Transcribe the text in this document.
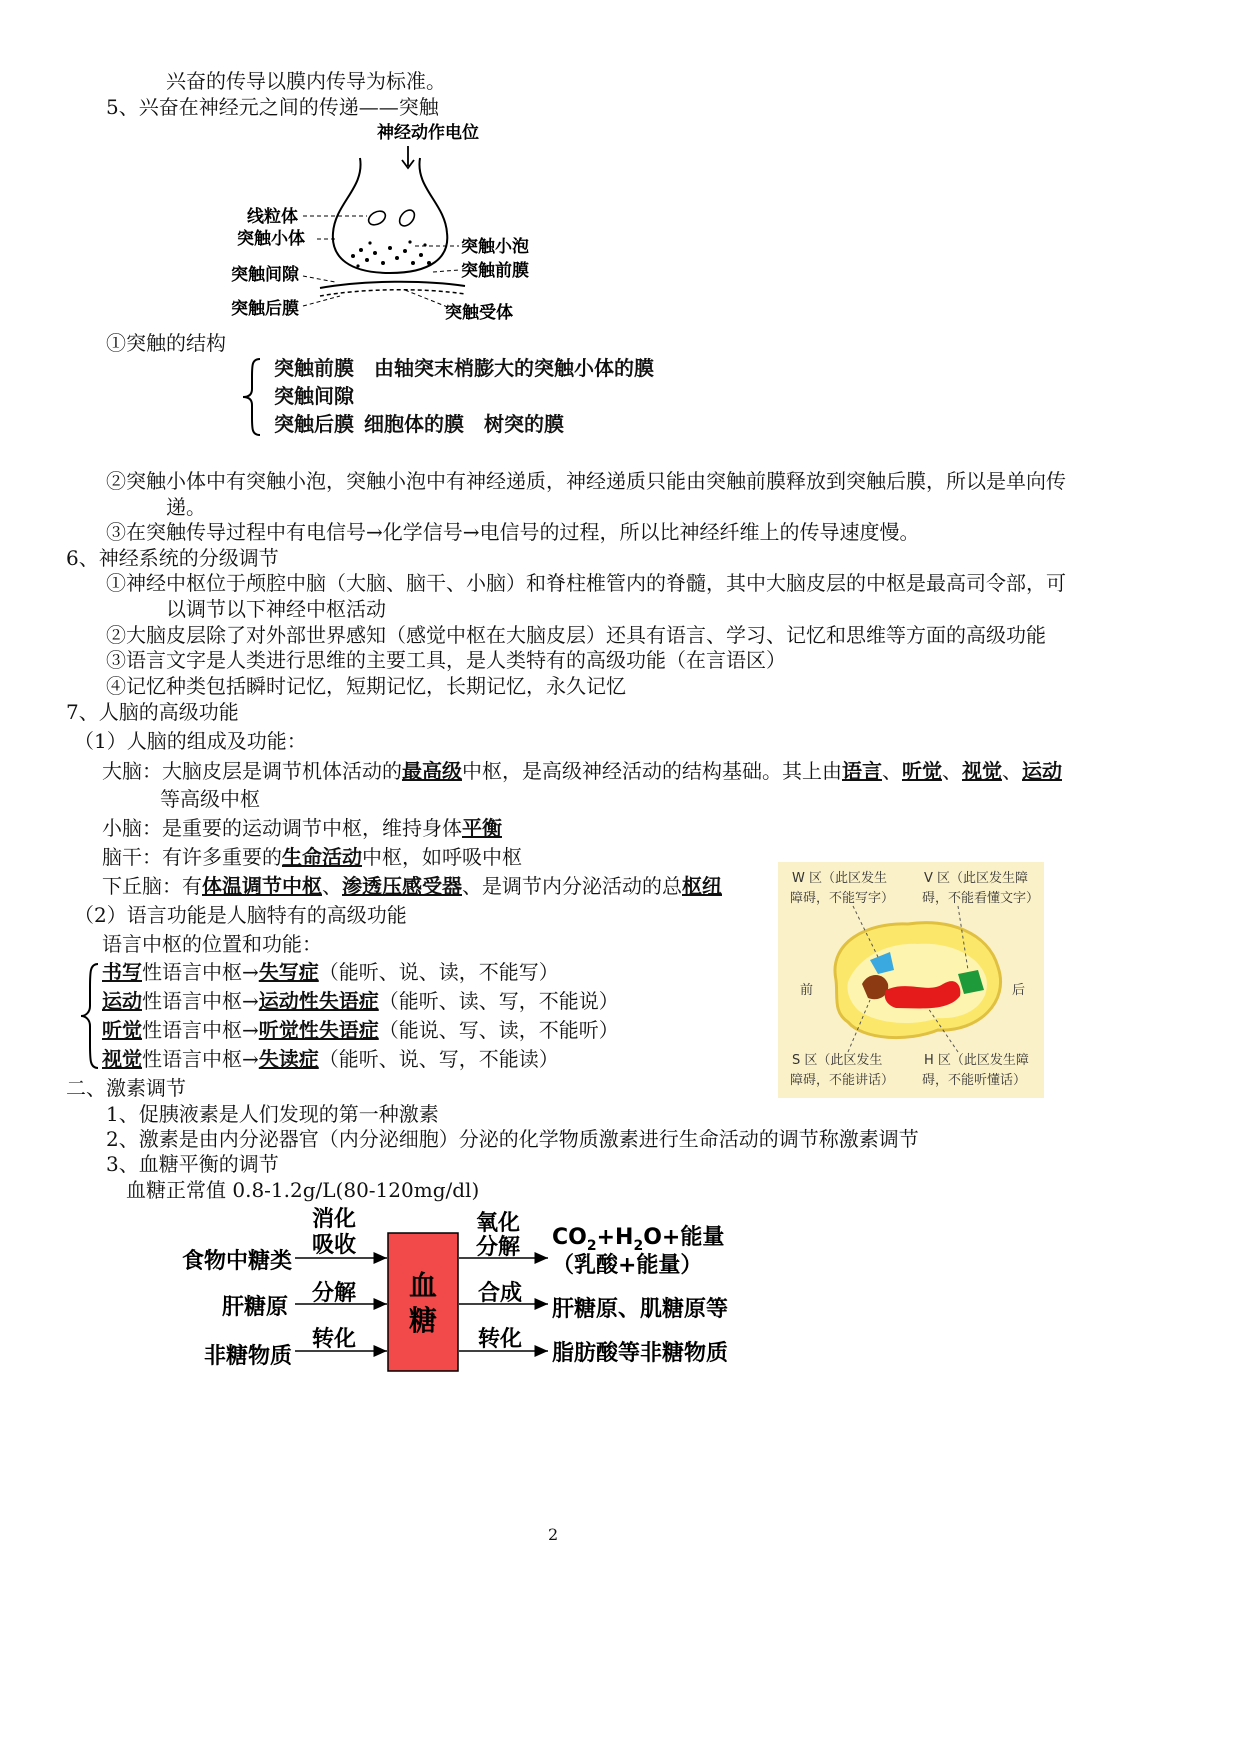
兴奋的传导以膜内传导为标准。
5、兴奋在神经元之间的传递——突触
神经动作电位
线粒体
突触小体
突触间隙
突触后膜
突触小泡
突触前膜
突触受体
①突触的结构
突触前膜 由轴突末梢膨大的突触小体的膜
突触间隙
突触后膜 细胞体的膜 树突的膜
②突触小体中有突触小泡，突触小泡中有神经递质，神经递质只能由突触前膜释放到突触后膜，所以是单向传
递。
③在突触传导过程中有电信号→化学信号→电信号的过程，所以比神经纤维上的传导速度慢。
6、神经系统的分级调节
①神经中枢位于颅腔中脑（大脑、脑干、小脑）和脊柱椎管内的脊髓，其中大脑皮层的中枢是最高司令部，可
以调节以下神经中枢活动
②大脑皮层除了对外部世界感知（感觉中枢在大脑皮层）还具有语言、学习、记忆和思维等方面的高级功能
③语言文字是人类进行思维的主要工具，是人类特有的高级功能（在言语区）
④记忆种类包括瞬时记忆，短期记忆，长期记忆，永久记忆
7、人脑的高级功能
（1）人脑的组成及功能：
大脑：大脑皮层是调节机体活动的最高级中枢，是高级神经活动的结构基础。其上由语言、听觉、视觉、运动
等高级中枢
小脑：是重要的运动调节中枢，维持身体平衡
脑干：有许多重要的生命活动中枢，如呼吸中枢
下丘脑：有体温调节中枢、渗透压感受器、是调节内分泌活动的总枢纽
（2）语言功能是人脑特有的高级功能
语言中枢的位置和功能：
书写性语言中枢→失写症（能听、说、读，不能写）
运动性语言中枢→运动性失语症（能听、读、写，不能说）
听觉性语言中枢→听觉性失语症（能说、写、读，不能听）
视觉性语言中枢→失读症（能听、说、写，不能读）
W 区（此区发生
障碍，不能写字）
V 区（此区发生障
碍，不能看懂文字）
前	后
S 区（此区发生
障碍，不能讲话）
H 区（此区发生障
碍，不能听懂话）
二、激素调节
1、促胰液素是人们发现的第一种激素
2、激素是由内分泌器官（内分泌细胞）分泌的化学物质激素进行生命活动的调节称激素调节
3、血糖平衡的调节
血糖正常值 0.8-1.2g/L(80-120mg/dl)
血
糖
食物中糖类
消化
吸收
肝糖原
分解
非糖物质
转化
氧化
分解 $CO_2+H_2O+$能量
（乳酸+能量）
合成
肝糖原、肌糖原等
转化
脂肪酸等非糖物质
2
